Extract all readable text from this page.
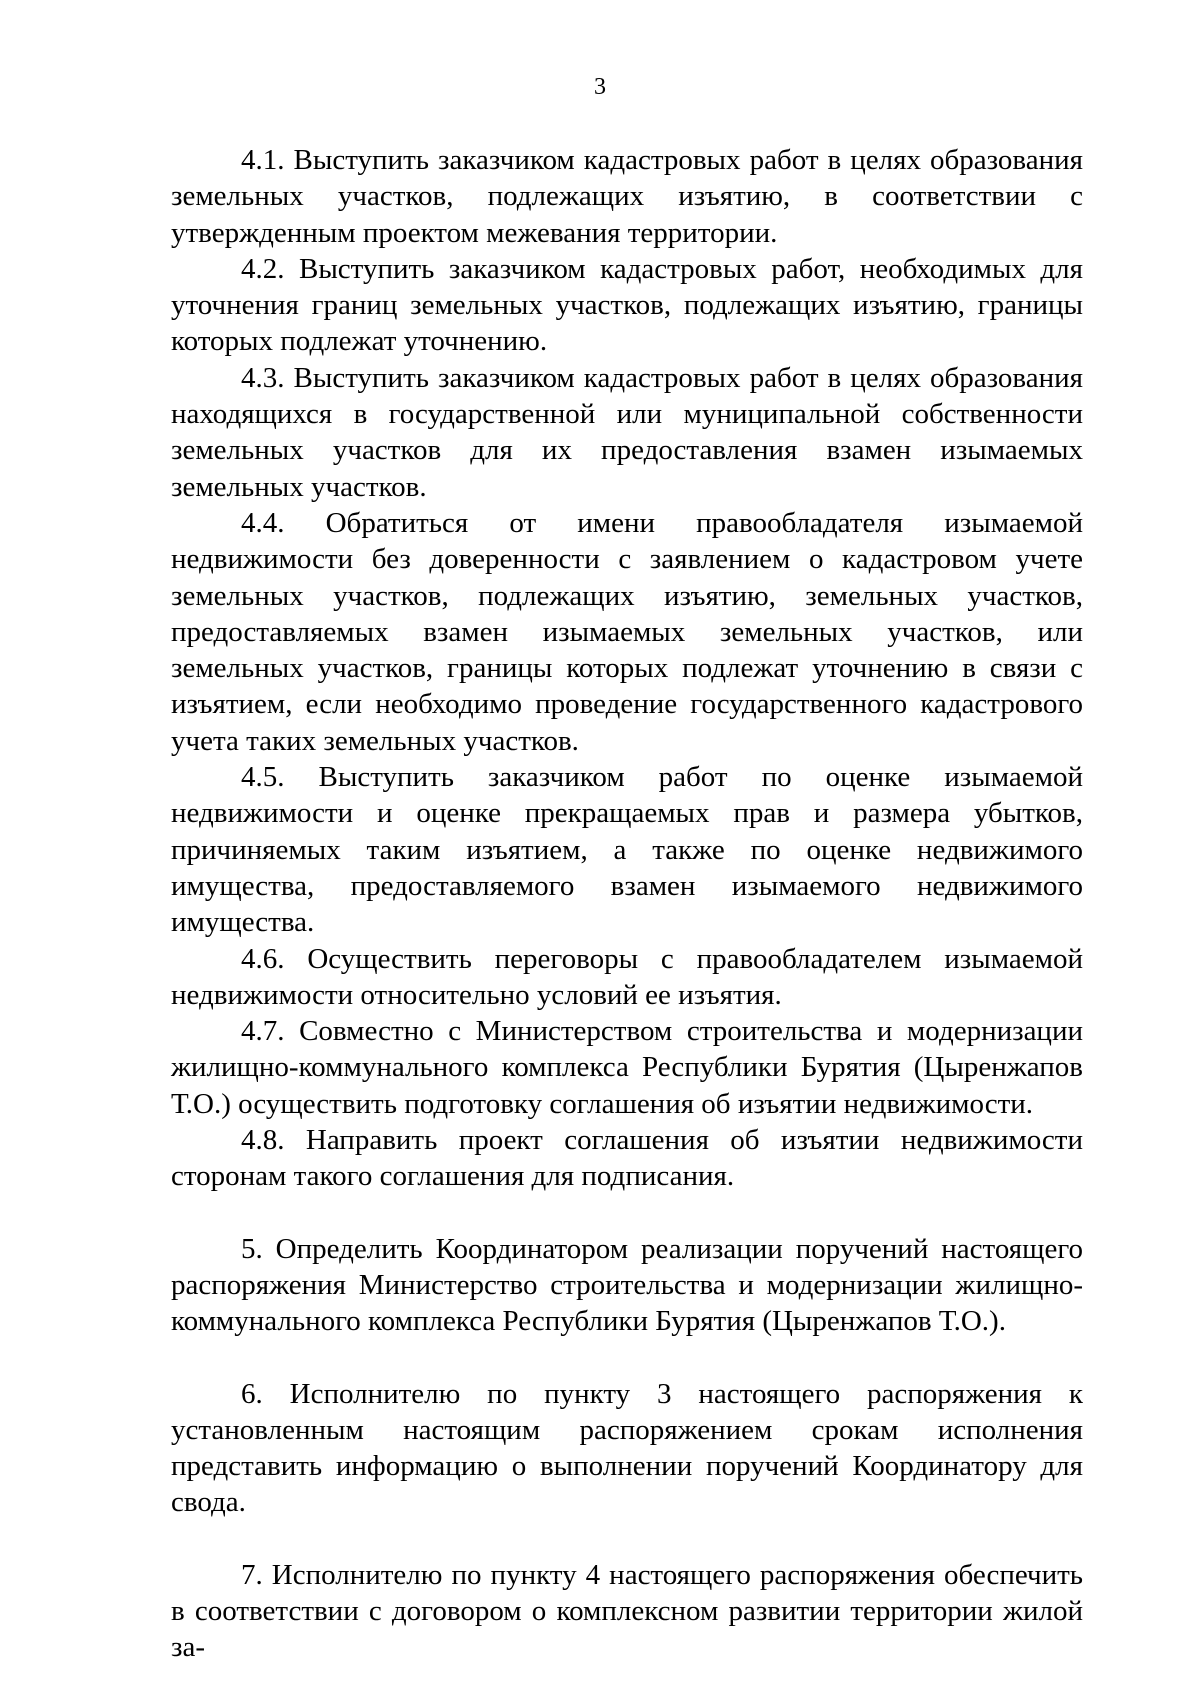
3

4.1. Выступить заказчиком кадастровых работ в целях образования земельных участков, подлежащих изъятию, в соответствии с утвержденным проектом межевания территории.

4.2. Выступить заказчиком кадастровых работ, необходимых для уточнения границ земельных участков, подлежащих изъятию, границы которых подлежат уточнению.

4.3. Выступить заказчиком кадастровых работ в целях образования находящихся в государственной или муниципальной собственности земельных участков для их предоставления взамен изымаемых земельных участков.

4.4. Обратиться от имени правообладателя изымаемой недвижимости без доверенности с заявлением о кадастровом учете земельных участков, подлежащих изъятию, земельных участков, предоставляемых взамен изымаемых земельных участков, или земельных участков, границы которых подлежат уточнению в связи с изъятием, если необходимо проведение государственного кадастрового учета таких земельных участков.

4.5. Выступить заказчиком работ по оценке изымаемой недвижимости и оценке прекращаемых прав и размера убытков, причиняемых таким изъятием, а также по оценке недвижимого имущества, предоставляемого взамен изымаемого недвижимого имущества.

4.6. Осуществить переговоры с правообладателем изымаемой недвижимости относительно условий ее изъятия.

4.7. Совместно с Министерством строительства и модернизации жилищно-коммунального комплекса Республики Бурятия (Цыренжапов Т.О.) осуществить подготовку соглашения об изъятии недвижимости.

4.8. Направить проект соглашения об изъятии недвижимости сторонам такого соглашения для подписания.

5. Определить Координатором реализации поручений настоящего распоряжения Министерство строительства и модернизации жилищно-коммунального комплекса Республики Бурятия (Цыренжапов Т.О.).

6. Исполнителю по пункту 3 настоящего распоряжения к установленным настоящим распоряжением срокам исполнения представить информацию о выполнении поручений Координатору для свода.

7. Исполнителю по пункту 4 настоящего распоряжения обеспечить в соответствии с договором о комплексном развитии территории жилой за-
